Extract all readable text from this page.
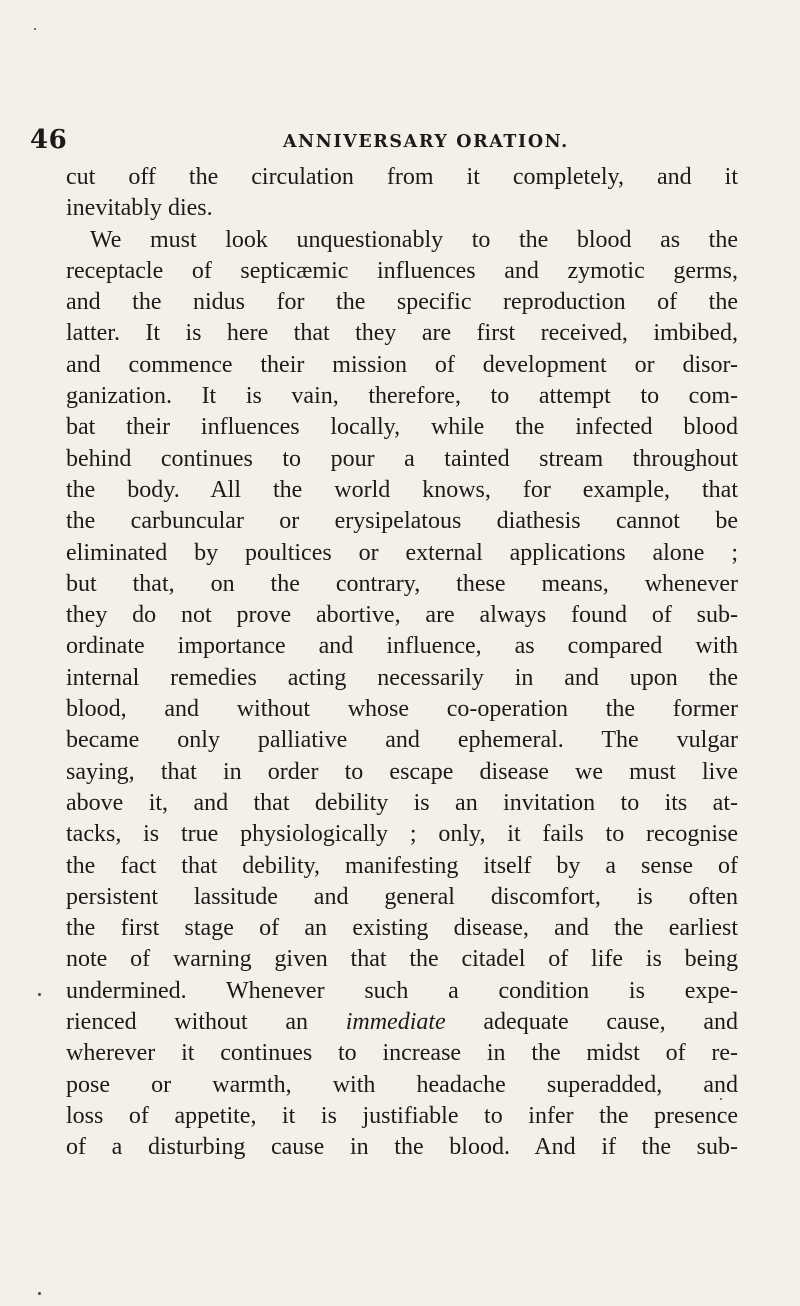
46	ANNIVERSARY ORATION.
cut off the circulation from it completely, and it
inevitably dies.
We must look unquestionably to the blood as the
receptacle of septicæmic influences and zymotic germs,
and the nidus for the specific reproduction of the
latter. It is here that they are first received, imbibed,
and commence their mission of development or disor-
ganization. It is vain, therefore, to attempt to com-
bat their influences locally, while the infected blood
behind continues to pour a tainted stream throughout
the body. All the world knows, for example, that
the carbuncular or erysipelatous diathesis cannot be
eliminated by poultices or external applications alone ;
but that, on the contrary, these means, whenever
they do not prove abortive, are always found of sub-
ordinate importance and influence, as compared with
internal remedies acting necessarily in and upon the
blood, and without whose co-operation the former
became only palliative and ephemeral. The vulgar
saying, that in order to escape disease we must live
above it, and that debility is an invitation to its at-
tacks, is true physiologically ; only, it fails to recognise
the fact that debility, manifesting itself by a sense of
persistent lassitude and general discomfort, is often
the first stage of an existing disease, and the earliest
note of warning given that the citadel of life is being
undermined. Whenever such a condition is expe-
rienced without an immediate adequate cause, and
wherever it continues to increase in the midst of re-
pose or warmth, with headache superadded, and
loss of appetite, it is justifiable to infer the presence
of a disturbing cause in the blood. And if the sub-
